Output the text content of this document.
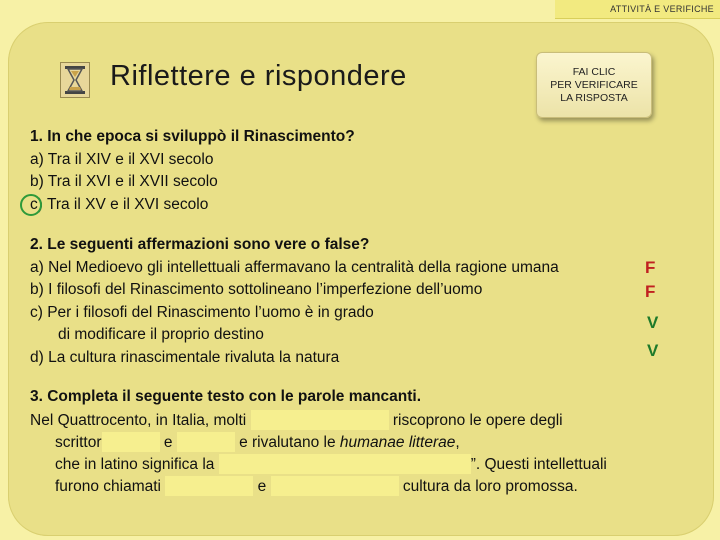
ATTIVITÀ E VERIFICHE
Riflettere e rispondere	FAI CLIC
PER VERIFICARE
LA RISPOSTA
1. In che epoca si sviluppò il Rinascimento?
a) Tra il XIV e il XVI secolo
b) Tra il XVI e il XVII secolo
c) Tra il XV e il XVI secolo
2. Le seguenti affermazioni sono vere o false?
a) Nel Medioevo gli intellettuali affermavano la centralità della ragione umana
b) I filosofi del Rinascimento sottolineano l’imperfezione dell’uomo
c) Per i filosofi del Rinascimento l’uomo è in grado
di modificare il proprio destino
d) La cultura rinascimentale rivaluta la natura
F
F
V
V
3. Completa il seguente testo con le parole mancanti.
Nel Quattrocento, in Italia, molti	riscoprono le opere degli
scrittor	e	e rivalutano le humanae litterae,
che in latino significa la	”. Questi intellettuali
furono chiamati	e	cultura da loro promossa.
